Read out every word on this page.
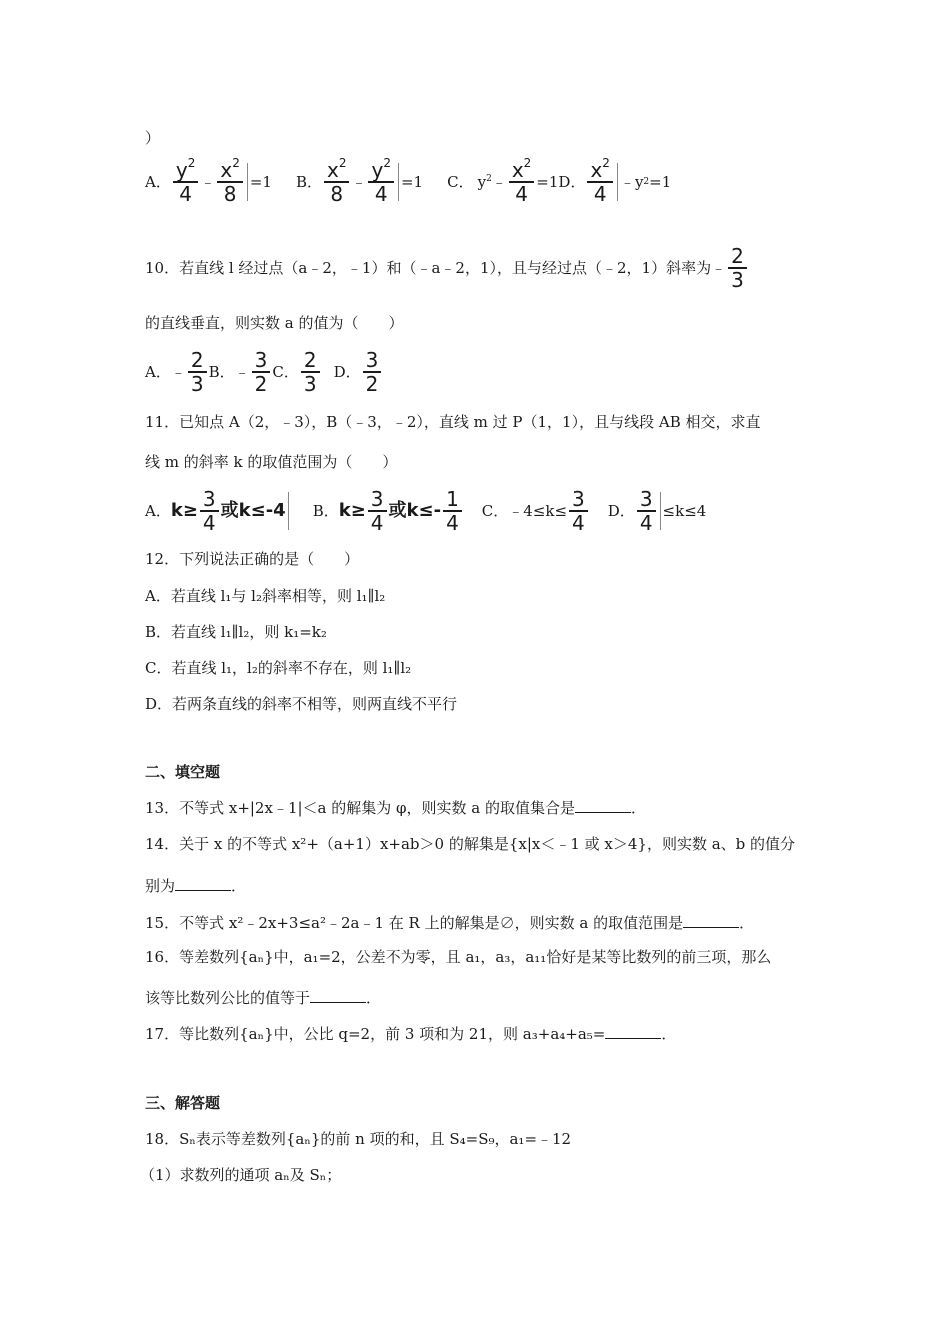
）
A． $\frac{y^2}{4}$ ﹣ $\frac{x^2}{8} =1$ B． $\frac{x^2}{8}$ ﹣ $\frac{y^2}{4} =1$ C． $y^2$ ﹣ $\frac{x^2}{4} =1$ D． $\frac{x^2}{4}$ ﹣y 2 =1
10．若直线 l 经过点（a﹣2，﹣1）和（﹣a﹣2，1），且与经过点（﹣2，1）斜率为﹣ $\frac{2}{3}$
的直线垂直，则实数 a 的值为（　　）
A．﹣ $\frac{2}{3}$ B．﹣ $\frac{3}{2}$ C． $\frac{2}{3}$ D． $\frac{3}{2}$
11．已知点 A（2，﹣3），B（﹣3，﹣2），直线 m 过 P（1，1），且与线段 AB 相交，求直
线 m 的斜率 k 的取值范围为（　　）
A． $k\ge \frac{3}{4}$ 或k≤-4 B． $k\ge \frac{3}{4}$ 或$k\le- \frac{1}{4}$ C．﹣4≤k≤ $\frac{3}{4}$ D． $\frac{3}{4} \le k\le 4$
12．下列说法正确的是（　　）
A．若直线 l₁与 l₂斜率相等，则 l₁∥l₂
B．若直线 l₁∥l₂，则 k₁=k₂
C．若直线 l₁，l₂的斜率不存在，则 l₁∥l₂
D．若两条直线的斜率不相等，则两直线不平行
二、填空题
13．不等式 x+|2x﹣1|＜a 的解集为 φ，则实数 a 的取值集合是	．
14．关于 x 的不等式 x²+（a+1）x+ab＞0 的解集是{x|x＜﹣1 或 x＞4}，则实数 a、b 的值分
别为	．
15．不等式 x²﹣2x+3≤a²﹣2a﹣1 在 R 上的解集是∅，则实数 a 的取值范围是	．
16．等差数列{aₙ}中，a₁=2，公差不为零，且 a₁，a₃，a₁₁恰好是某等比数列的前三项，那么
该等比数列公比的值等于	．
17．等比数列{aₙ}中，公比 q=2，前 3 项和为 21，则 a₃+a₄+a₅=	．
三、解答题
18．Sₙ表示等差数列{aₙ}的前 n 项的和，且 S₄=S₉，a₁=﹣12
（1）求数列的通项 aₙ及 Sₙ；
